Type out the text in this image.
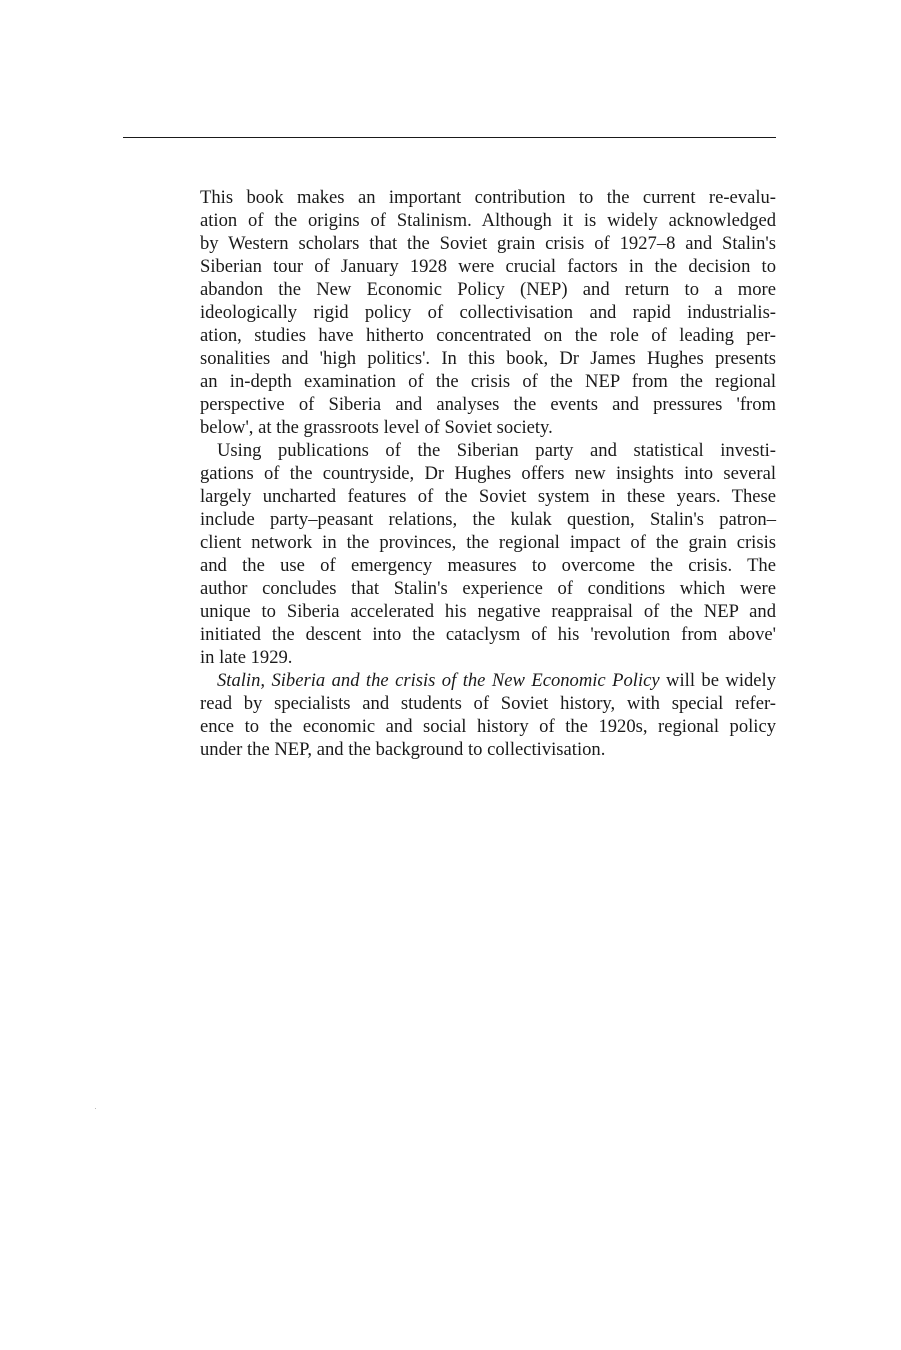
This book makes an important contribution to the current re-evalu-
ation of the origins of Stalinism. Although it is widely acknowledged
by Western scholars that the Soviet grain crisis of 1927–8 and Stalin's
Siberian tour of January 1928 were crucial factors in the decision to
abandon the New Economic Policy (NEP) and return to a more
ideologically rigid policy of collectivisation and rapid industrialis-
ation, studies have hitherto concentrated on the role of leading per-
sonalities and 'high politics'. In this book, Dr James Hughes presents
an in-depth examination of the crisis of the NEP from the regional
perspective of Siberia and analyses the events and pressures 'from
below', at the grassroots level of Soviet society.
Using publications of the Siberian party and statistical investi-
gations of the countryside, Dr Hughes offers new insights into several
largely uncharted features of the Soviet system in these years. These
include party–peasant relations, the kulak question, Stalin's patron–
client network in the provinces, the regional impact of the grain crisis
and the use of emergency measures to overcome the crisis. The
author concludes that Stalin's experience of conditions which were
unique to Siberia accelerated his negative reappraisal of the NEP and
initiated the descent into the cataclysm of his 'revolution from above'
in late 1929.
Stalin, Siberia and the crisis of the New Economic Policy will be widely
read by specialists and students of Soviet history, with special refer-
ence to the economic and social history of the 1920s, regional policy
under the NEP, and the background to collectivisation.
